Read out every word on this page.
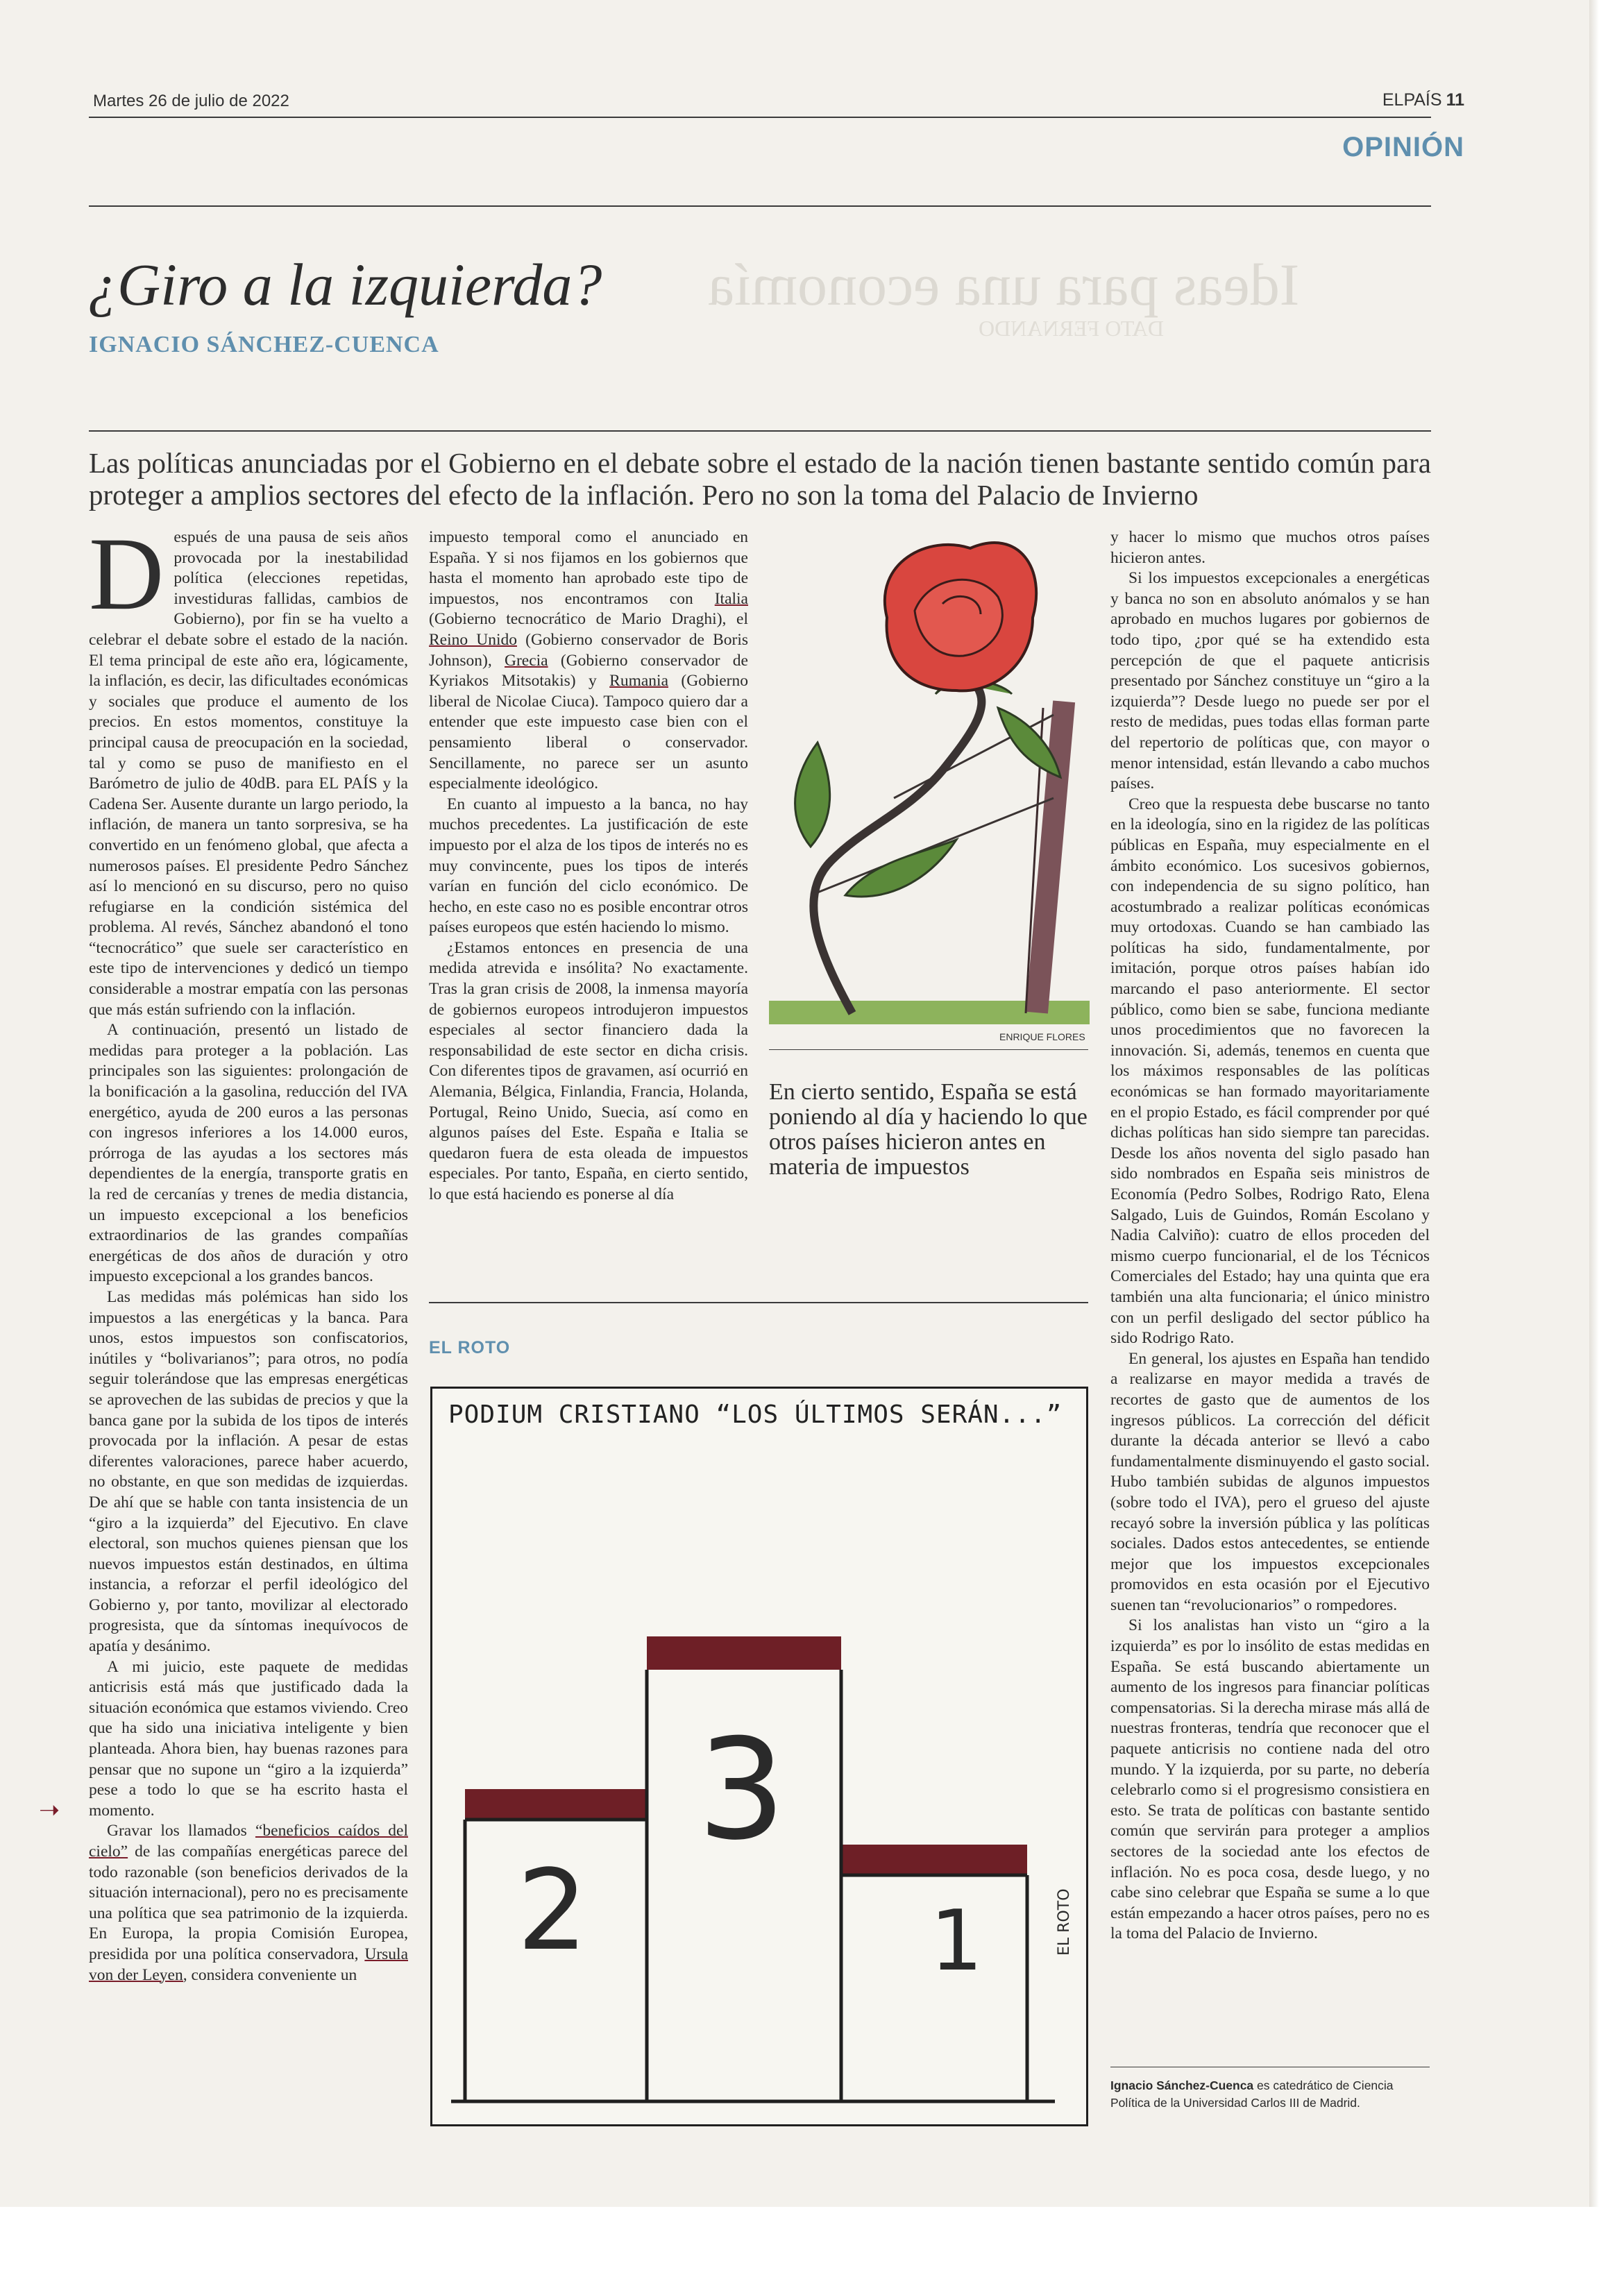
Ideas para una economía
DATO FERNANDO
Martes 26 de julio de 2022	ELPAÍS 11
OPINIÓN
¿Giro a la izquierda?
IGNACIO SÁNCHEZ-CUENCA
Las políticas anunciadas por el Gobierno en el debate sobre el estado de la nación tienen bastante sentido común para proteger a amplios sectores del efecto de la inflación. Pero no son la toma del Palacio de Invierno

Después de una pausa de seis años provocada por la inestabilidad política (elecciones repetidas, investiduras fallidas, cambios de Gobierno), por fin se ha vuelto a celebrar el debate sobre el estado de la nación. El tema principal de este año era, lógicamente, la inflación, es decir, las dificultades económicas y sociales que produce el aumento de los precios. En estos momentos, constituye la principal causa de preocupación en la sociedad, tal y como se puso de manifiesto en el Barómetro de julio de 40dB. para EL PAÍS y la Cadena Ser. Ausente durante un largo periodo, la inflación, de manera un tanto sorpresiva, se ha convertido en un fenómeno global, que afecta a numerosos países. El presidente Pedro Sánchez así lo mencionó en su discurso, pero no quiso refugiarse en la condición sistémica del problema. Al revés, Sánchez abandonó el tono “tecnocrático” que suele ser característico en este tipo de intervenciones y dedicó un tiempo considerable a mostrar empatía con las personas que más están sufriendo con la inflación.

A continuación, presentó un listado de medidas para proteger a la población. Las principales son las siguientes: prolongación de la bonificación a la gasolina, reducción del IVA energético, ayuda de 200 euros a las personas con ingresos inferiores a los 14.000 euros, prórroga de las ayudas a los sectores más dependientes de la energía, transporte gratis en la red de cercanías y trenes de media distancia, un impuesto excepcional a los beneficios extraordinarios de las grandes compañías energéticas de dos años de duración y otro impuesto excepcional a los grandes bancos.

Las medidas más polémicas han sido los impuestos a las energéticas y la banca. Para unos, estos impuestos son confiscatorios, inútiles y “bolivarianos”; para otros, no podía seguir tolerándose que las empresas energéticas se aprovechen de las subidas de precios y que la banca gane por la subida de los tipos de interés provocada por la inflación. A pesar de estas diferentes valoraciones, parece haber acuerdo, no obstante, en que son medidas de izquierdas. De ahí que se hable con tanta insistencia de un “giro a la izquierda” del Ejecutivo. En clave electoral, son muchos quienes piensan que los nuevos impuestos están destinados, en última instancia, a reforzar el perfil ideológico del Gobierno y, por tanto, movilizar al electorado progresista, que da síntomas inequívocos de apatía y desánimo.

A mi juicio, este paquete de medidas anticrisis está más que justificado dada la situación económica que estamos viviendo. Creo que ha sido una iniciativa inteligente y bien planteada. Ahora bien, hay buenas razones para pensar que no supone un “giro a la izquierda” pese a todo lo que se ha escrito hasta el momento.

Gravar los llamados “beneficios caídos del cielo” de las compañías energéticas parece del todo razonable (son beneficios derivados de la situación internacional), pero no es precisamente una política que sea patrimonio de la izquierda. En Europa, la propia Comisión Europea, presidida por una política conservadora, Ursula von der Leyen, considera conveniente un

➝

impuesto temporal como el anunciado en España. Y si nos fijamos en los gobiernos que hasta el momento han aprobado este tipo de impuestos, nos encontramos con Italia (Gobierno tecnocrático de Mario Draghi), el Reino Unido (Gobierno conservador de Boris Johnson), Grecia (Gobierno conservador de Kyriakos Mitsotakis) y Rumania (Gobierno liberal de Nicolae Ciuca). Tampoco quiero dar a entender que este impuesto case bien con el pensamiento liberal o conservador. Sencillamente, no parece ser un asunto especialmente ideológico.

En cuanto al impuesto a la banca, no hay muchos precedentes. La justificación de este impuesto por el alza de los tipos de interés no es muy convincente, pues los tipos de interés varían en función del ciclo económico. De hecho, en este caso no es posible encontrar otros países europeos que estén haciendo lo mismo.

¿Estamos entonces en presencia de una medida atrevida e insólita? No exactamente. Tras la gran crisis de 2008, la inmensa mayoría de gobiernos europeos introdujeron impuestos especiales al sector financiero dada la responsabilidad de este sector en dicha crisis. Con diferentes tipos de gravamen, así ocurrió en Alemania, Bélgica, Finlandia, Francia, Holanda, Portugal, Reino Unido, Suecia, así como en algunos países del Este. España e Italia se quedaron fuera de esta oleada de impuestos especiales. Por tanto, España, en cierto sentido, lo que está haciendo es ponerse al día

ENRIQUE FLORES
En cierto sentido, España se está poniendo al día y haciendo lo que otros países hicieron antes en materia de impuestos

y hacer lo mismo que muchos otros países hicieron antes.

Si los impuestos excepcionales a energéticas y banca no son en absoluto anómalos y se han aprobado en muchos lugares por gobiernos de todo tipo, ¿por qué se ha extendido esta percepción de que el paquete anticrisis presentado por Sánchez constituye un “giro a la izquierda”? Desde luego no puede ser por el resto de medidas, pues todas ellas forman parte del repertorio de políticas que, con mayor o menor intensidad, están llevando a cabo muchos países.

Creo que la respuesta debe buscarse no tanto en la ideología, sino en la rigidez de las políticas públicas en España, muy especialmente en el ámbito económico. Los sucesivos gobiernos, con independencia de su signo político, han acostumbrado a realizar políticas económicas muy ortodoxas. Cuando se han cambiado las políticas ha sido, fundamentalmente, por imitación, porque otros países habían ido marcando el paso anteriormente. El sector público, como bien se sabe, funciona mediante unos procedimientos que no favorecen la innovación. Si, además, tenemos en cuenta que los máximos responsables de las políticas económicas se han formado mayoritariamente en el propio Estado, es fácil comprender por qué dichas políticas han sido siempre tan parecidas. Desde los años noventa del siglo pasado han sido nombrados en España seis ministros de Economía (Pedro Solbes, Rodrigo Rato, Elena Salgado, Luis de Guindos, Román Escolano y Nadia Calviño): cuatro de ellos proceden del mismo cuerpo funcionarial, el de los Técnicos Comerciales del Estado; hay una quinta que era también una alta funcionaria; el único ministro con un perfil desligado del sector público ha sido Rodrigo Rato.

En general, los ajustes en España han tendido a realizarse en mayor medida a través de recortes de gasto que de aumentos de los ingresos públicos. La corrección del déficit durante la década anterior se llevó a cabo fundamentalmente disminuyendo el gasto social. Hubo también subidas de algunos impuestos (sobre todo el IVA), pero el grueso del ajuste recayó sobre la inversión pública y las políticas sociales. Dados estos antecedentes, se entiende mejor que los impuestos excepcionales promovidos en esta ocasión por el Ejecutivo suenen tan “revolucionarios” o rompedores.

Si los analistas han visto un “giro a la izquierda” es por lo insólito de estas medidas en España. Se está buscando abiertamente un aumento de los ingresos para financiar políticas compensatorias. Si la derecha mirase más allá de nuestras fronteras, tendría que reconocer que el paquete anticrisis no contiene nada del otro mundo. Y la izquierda, por su parte, no debería celebrarlo como si el progresismo consistiera en esto. Se trata de políticas con bastante sentido común que servirán para proteger a amplios sectores de la sociedad ante los efectos de inflación. No es poca cosa, desde luego, y no cabe sino celebrar que España se sume a lo que están empezando a hacer otros países, pero no es la toma del Palacio de Invierno.

EL ROTO
PODIUM CRISTIANO “LOS ÚLTIMOS SERÁN...”
3
2	1	EL ROTO
Ignacio Sánchez-Cuenca es catedrático de Ciencia Política de la Universidad Carlos III de Madrid.
